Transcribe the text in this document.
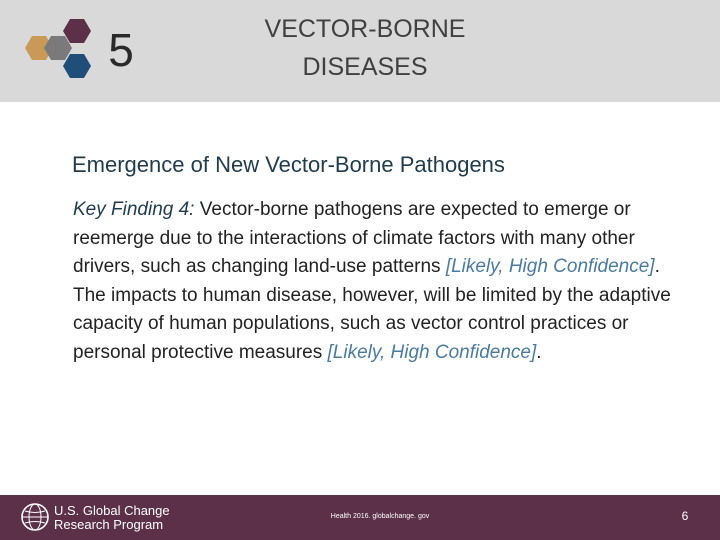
5	VECTOR-BORNE DISEASES
Emergence of New Vector-Borne Pathogens
Key Finding 4: Vector-borne pathogens are expected to emerge or reemerge due to the interactions of climate factors with many other drivers, such as changing land-use patterns [Likely, High Confidence]. The impacts to human disease, however, will be limited by the adaptive capacity of human populations, such as vector control practices or personal protective measures [Likely, High Confidence].
U.S. Global Change
Research Program
Health 2016. globalchange. gov	6
